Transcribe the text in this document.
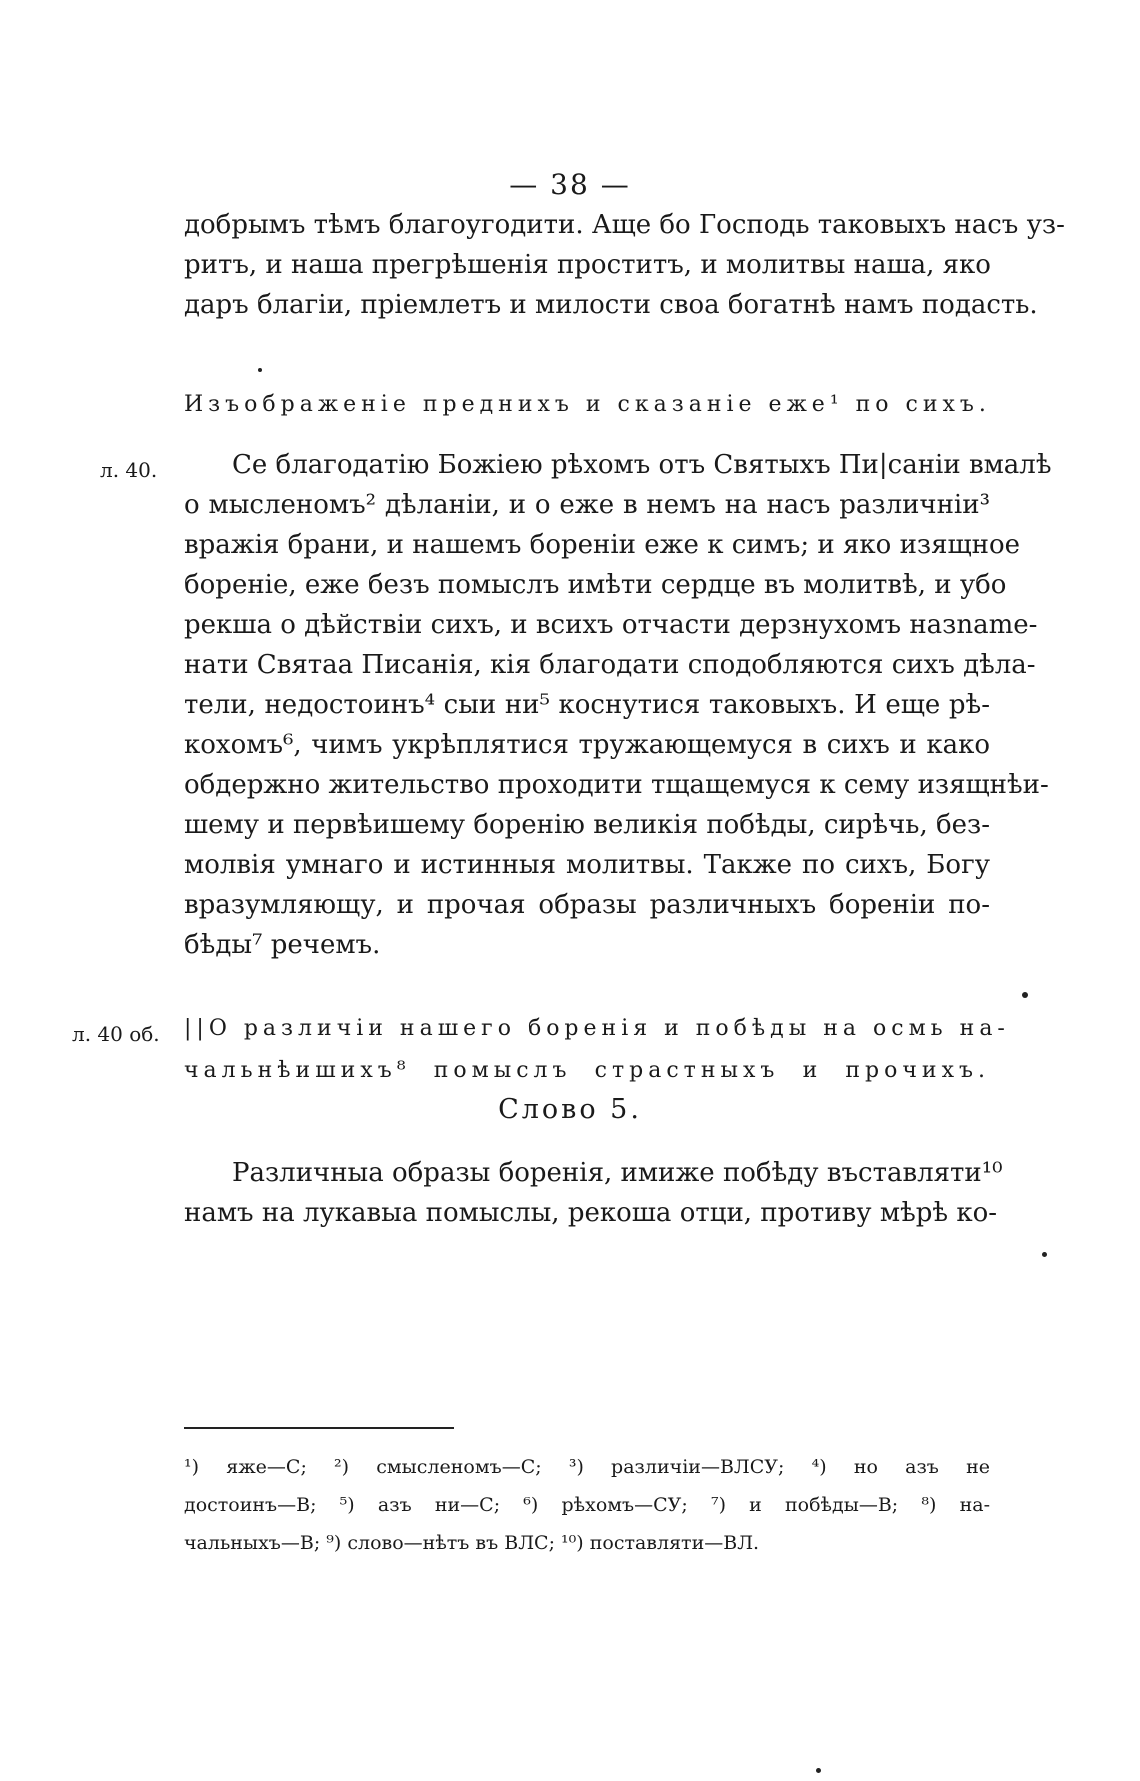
— 38 —
добрымъ тѣмъ благоугодити. Аще бо Господь таковыхъ насъ уз-
ритъ, и наша прегрѣшенія проститъ, и молитвы наша, яко
даръ благіи, пріемлетъ и милости своа богатнѣ намъ подасть.
Изъображеніе преднихъ и сказаніе еже¹ по сихъ.
л. 40.	Се благодатію Божіею рѣхомъ отъ Святыхъ Пи|саніи вмалѣ
о мысленомъ² дѣланіи, и о еже в немъ на насъ различніи³
вражія брани, и нашемъ бореніи еже к симъ; и яко изящное
бореніе, еже безъ помыслъ имѣти сердце въ молитвѣ, и убо
рекша о дѣйствіи сихъ, и всихъ отчасти дерзнухомъ назname-
нати Святаа Писанія, кія благодати сподобляются сихъ дѣла-
тели, недостоинъ⁴ сыи ни⁵ коснутися таковыхъ. И еще рѣ-
кохомъ⁶, чимъ укрѣплятися тружающемуся в сихъ и како
обдержно жительство проходити тщащемуся к сему изящнѣи-
шему и первѣишему боренію великія побѣды, сирѣчь, без-
молвія умнаго и истинныя молитвы. Также по сихъ, Богу
вразумляющу, и прочая образы различныхъ бореніи по-
бѣды⁷ речемъ.
л. 40 об. ||О различіи нашего боренія и побѣды на осмь на-
чальнѣишихъ⁸ помыслъ страстныхъ и прочихъ.
Слово 5.
Различныа образы боренія, имиже побѣду въставляти¹⁰
намъ на лукавыа помыслы, рекоша отци, противу мѣрѣ ко-
¹) яже—С; ²) смысленомъ—С; ³) различіи—ВЛСУ; ⁴) но азъ не
достоинъ—В; ⁵) азъ ни—С; ⁶) рѣхомъ—СУ; ⁷) и побѣды—В; ⁸) на-
чальныхъ—В; ⁹) слово—нѣтъ въ ВЛС; ¹⁰) поставляти—ВЛ.
